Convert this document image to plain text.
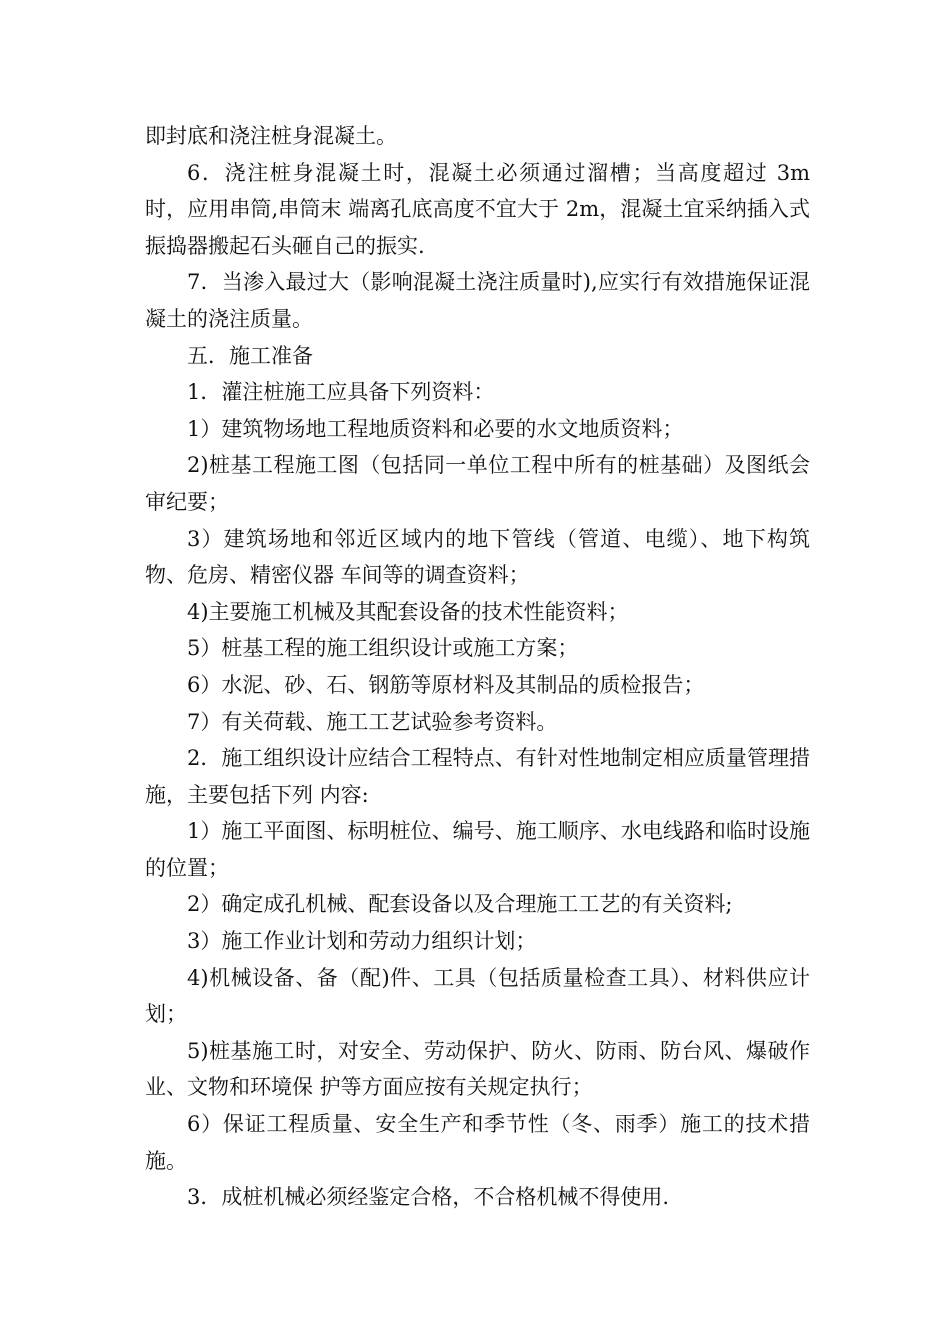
即封底和浇注桩身混凝土。

6．浇注桩身混凝土时，混凝土必须通过溜槽；当高度超过 3m 时，应用串筒,串筒末 端离孔底高度不宜大于 2m，混凝土宜采纳插入式振捣器搬起石头砸自己的振实.

7．当渗入最过大（影响混凝土浇注质量时),应实行有效措施保证混凝土的浇注质量。

五．施工准备

1．灌注桩施工应具备下列资料：

1）建筑物场地工程地质资料和必要的水文地质资料；

2)桩基工程施工图（包括同一单位工程中所有的桩基础）及图纸会审纪要；

3）建筑场地和邻近区域内的地下管线（管道、电缆）、地下构筑物、危房、精密仪器 车间等的调查资料；

4)主要施工机械及其配套设备的技术性能资料；

5）桩基工程的施工组织设计或施工方案；

6）水泥、砂、石、钢筋等原材料及其制品的质检报告；

7）有关荷载、施工工艺试验参考资料。

2．施工组织设计应结合工程特点、有针对性地制定相应质量管理措施，主要包括下列 内容:

1）施工平面图、标明桩位、编号、施工顺序、水电线路和临时设施的位置；

2）确定成孔机械、配套设备以及合理施工工艺的有关资料;

3）施工作业计划和劳动力组织计划；

4)机械设备、备（配)件、工具（包括质量检查工具）、材料供应计划；

5)桩基施工时，对安全、劳动保护、防火、防雨、防台风、爆破作业、文物和环境保 护等方面应按有关规定执行；

6）保证工程质量、安全生产和季节性（冬、雨季）施工的技术措施。

3．成桩机械必须经鉴定合格，不合格机械不得使用.
